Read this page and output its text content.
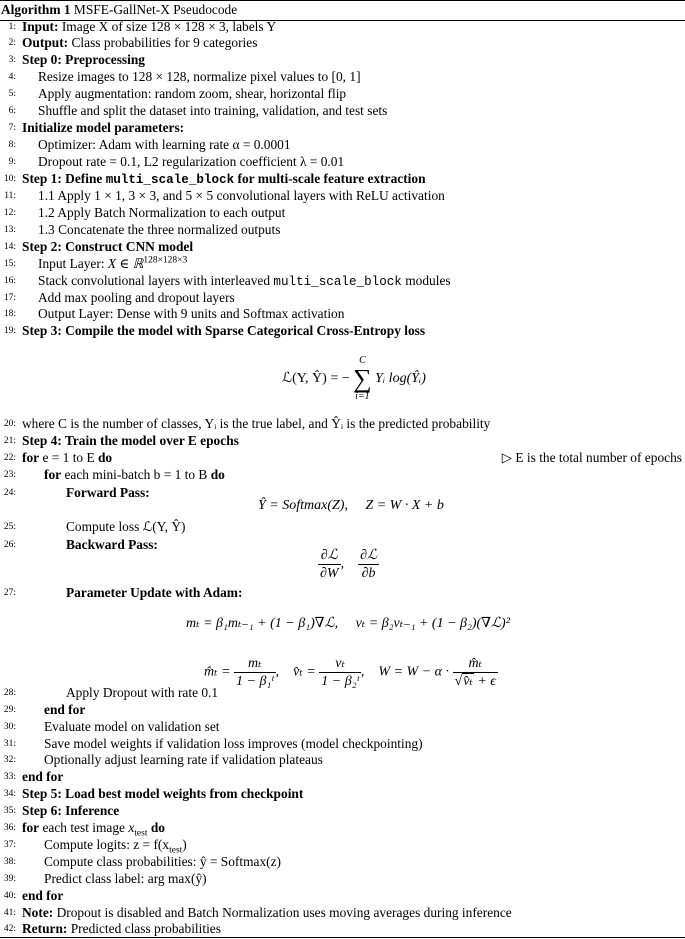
Algorithm 1 MSFE-GallNet-X Pseudocode
1: Input: Image X of size 128 × 128 × 3, labels Y
2: Output: Class probabilities for 9 categories
3: Step 0: Preprocessing
4: Resize images to 128 × 128, normalize pixel values to [0, 1]
5: Apply augmentation: random zoom, shear, horizontal flip
6: Shuffle and split the dataset into training, validation, and test sets
7: Initialize model parameters:
8: Optimizer: Adam with learning rate α = 0.0001
9: Dropout rate = 0.1, L2 regularization coefficient λ = 0.01
10: Step 1: Define multi_scale_block for multi-scale feature extraction
11: 1.1 Apply 1 × 1, 3 × 3, and 5 × 5 convolutional layers with ReLU activation
12: 1.2 Apply Batch Normalization to each output
13: 1.3 Concatenate the three normalized outputs
14: Step 2: Construct CNN model
15: Input Layer: X ∈ ℝ$^{128\times 128\times 3}$
16: Stack convolutional layers with interleaved multi_scale_block modules
17: Add max pooling and dropout layers
18: Output Layer: Dense with 9 units and Softmax activation
19: Step 3: Compile the model with Sparse Categorical Cross-Entropy loss
20: where C is the number of classes, Yᵢ is the true label, and Ŷᵢ is the predicted probability
21: Step 4: Train the model over E epochs
22: for e = 1 to E do	▷ E is the total number of epochs
23: for each mini-batch b = 1 to B do
24:	Forward Pass:
25:	Compute loss ℒ(Y, Ŷ)
26:	Backward Pass:
27:	Parameter Update with Adam:
28:	Apply Dropout with rate 0.1
29: end for
30: Evaluate model on validation set
31: Save model weights if validation loss improves (model checkpointing)
32: Optionally adjust learning rate if validation plateaus
33: end for
34: Step 5: Load best model weights from checkpoint
35: Step 6: Inference
36: for each test image $x_{test}$ do
37: Compute logits: $z = f(x_{test})$
38: Compute class probabilities: ŷ = Softmax(z)
39: Predict class label: arg max(ŷ)
40: end for
41: Note: Dropout is disabled and Batch Normalization uses moving averages during inference
42: Return: Predicted class probabilities
ℒ(Y, Ŷ) = −
C
∑
i=1
Yᵢ log(Ŷᵢ)
Ŷ = Softmax(Z),     Z = W · X + b
$\frac{\text{∂ℒ}}{\partial W}$ , $\frac{\text{∂ℒ}}{\partial b}$
mₜ = β₁mₜ₋₁ + (1 − β₁)∇ℒ, vₜ = β₂vₜ₋₁ + (1 − β₂)(∇ℒ)²
m̂ₜ = $\frac{\text{mₜ}}{\text{1 − β₁ᵗ}}$ ,    v̂ₜ = $\frac{\text{vₜ}}{\text{1 − β₂ᵗ}}$ ,    $W = W - \alpha \cdot \frac{\text{m̂ₜ}}{\text{√v̂ₜ + ϵ}}$
